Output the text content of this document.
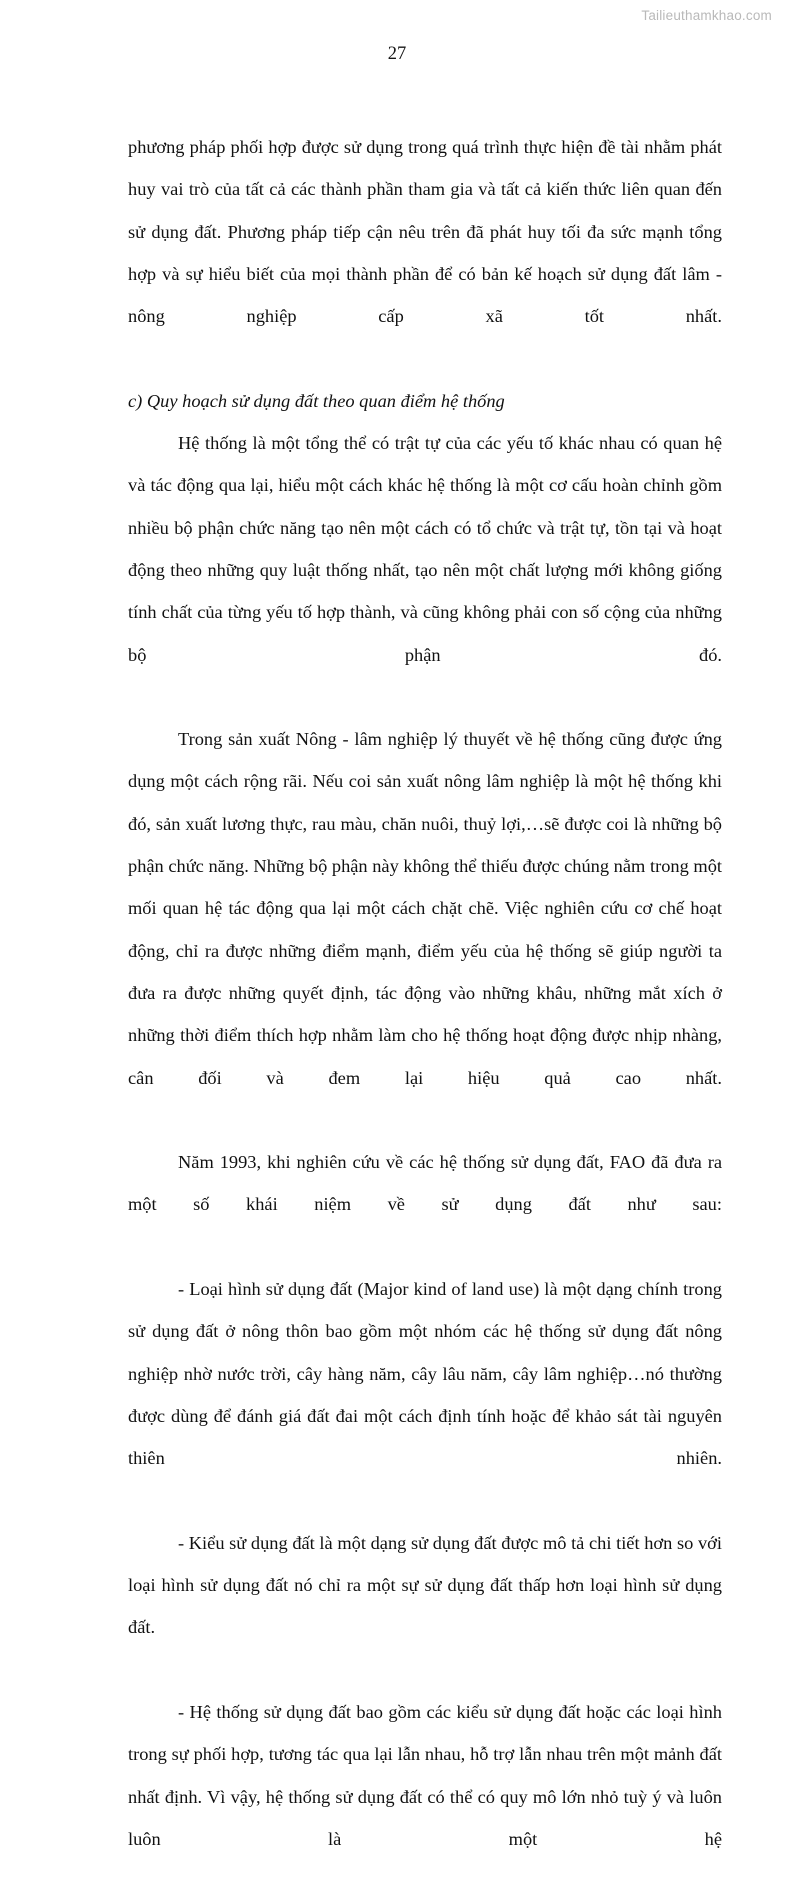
Tailieuthamkhao.com
27

phương pháp phối hợp được sử dụng trong quá trình thực hiện đề tài nhằm phát huy vai trò của tất cả các thành phần tham gia và tất cả kiến thức liên quan đến sử dụng đất. Phương pháp tiếp cận nêu trên đã phát huy tối đa sức mạnh tổng hợp và sự hiểu biết của mọi thành phần để có bản kế hoạch sử dụng đất lâm - nông nghiệp cấp xã tốt nhất.

c) Quy hoạch sử dụng đất theo quan điểm hệ thống

Hệ thống là một tổng thể có trật tự của các yếu tố khác nhau có quan hệ và tác động qua lại, hiểu một cách khác hệ thống là một cơ cấu hoàn chỉnh gồm nhiều bộ phận chức năng tạo nên một cách có tổ chức và trật tự, tồn tại và hoạt động theo những quy luật thống nhất, tạo nên một chất lượng mới không giống tính chất của từng yếu tố hợp thành, và cũng không phải con số cộng của những bộ phận đó.

Trong sản xuất Nông - lâm nghiệp lý thuyết về hệ thống cũng được ứng dụng một cách rộng rãi. Nếu coi sản xuất nông lâm nghiệp là một hệ thống khi đó, sản xuất lương thực, rau màu, chăn nuôi, thuỷ lợi,…sẽ được coi là những bộ phận chức năng. Những bộ phận này không thể thiếu được chúng nằm trong một mối quan hệ tác động qua lại một cách chặt chẽ. Việc nghiên cứu cơ chế hoạt động, chỉ ra được những điểm mạnh, điểm yếu của hệ thống sẽ giúp người ta đưa ra được những quyết định, tác động vào những khâu, những mắt xích ở những thời điểm thích hợp nhằm làm cho hệ thống hoạt động được nhịp nhàng, cân đối và đem lại hiệu quả cao nhất.

Năm 1993, khi nghiên cứu về các hệ thống sử dụng đất, FAO đã đưa ra một số khái niệm về sử dụng đất như sau:

- Loại hình sử dụng đất (Major kind of land use) là một dạng chính trong sử dụng đất ở nông thôn bao gồm một nhóm các hệ thống sử dụng đất nông nghiệp nhờ nước trời, cây hàng năm, cây lâu năm, cây lâm nghiệp…nó thường được dùng để đánh giá đất đai một cách định tính hoặc để khảo sát tài nguyên thiên nhiên.

- Kiểu sử dụng đất là một dạng sử dụng đất được mô tả chi tiết hơn so với loại hình sử dụng đất nó chỉ ra một sự sử dụng đất thấp hơn loại hình sử dụng đất.

- Hệ thống sử dụng đất bao gồm các kiểu sử dụng đất hoặc các loại hình trong sự phối hợp, tương tác qua lại lẫn nhau, hỗ trợ lẫn nhau trên một mảnh đất nhất định. Vì vậy, hệ thống sử dụng đất có thể có quy mô lớn nhỏ tuỳ ý và luôn luôn là một hệ
